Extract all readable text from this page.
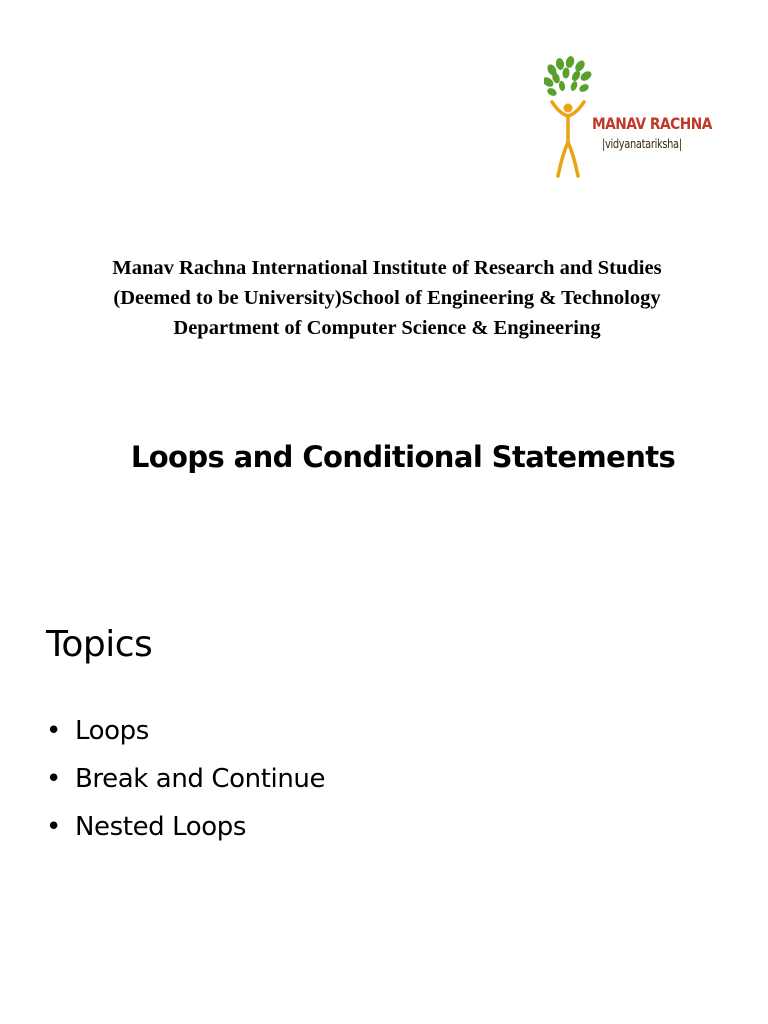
MANAV RACHNA
|vidyanatariksha|
Manav Rachna International Institute of Research and Studies
(Deemed to be University)School of Engineering & Technology
Department of Computer Science & Engineering
Loops and Conditional Statements
Topics
• Loops
• Break and Continue
• Nested Loops
